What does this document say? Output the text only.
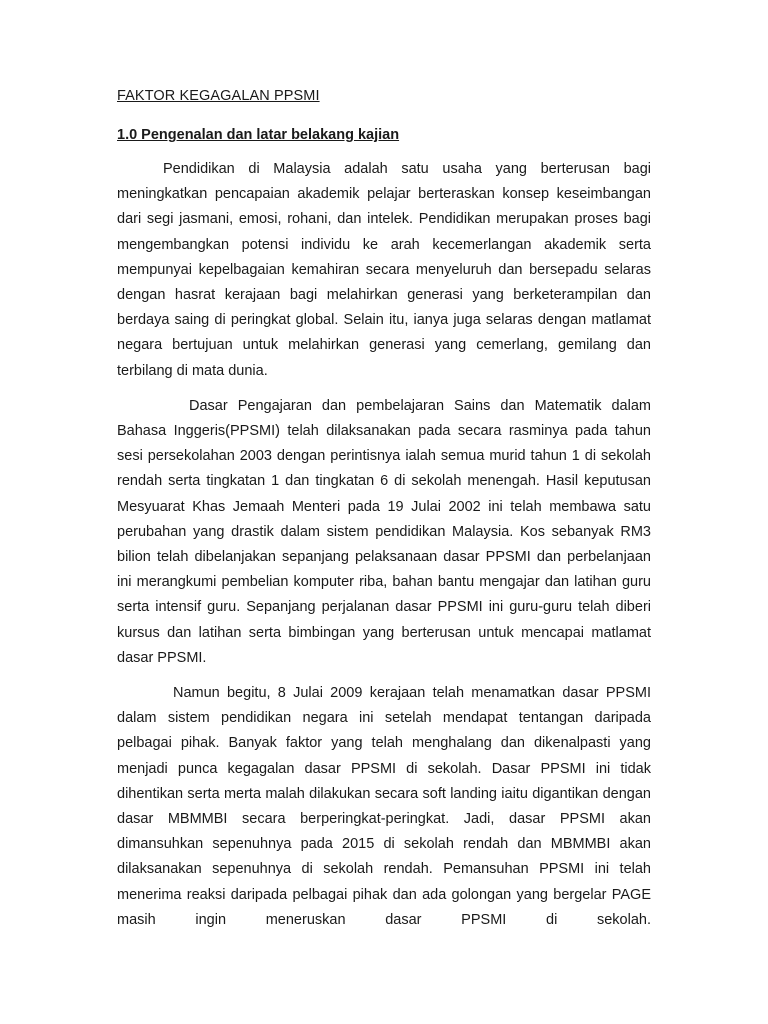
FAKTOR KEGAGALAN PPSMI
1.0 Pengenalan dan latar belakang kajian

Pendidikan di Malaysia adalah satu usaha yang berterusan bagi meningkatkan pencapaian akademik pelajar berteraskan konsep keseimbangan dari segi jasmani, emosi, rohani, dan intelek. Pendidikan merupakan proses bagi mengembangkan potensi individu ke arah kecemerlangan akademik serta mempunyai kepelbagaian kemahiran secara menyeluruh dan bersepadu selaras dengan hasrat kerajaan bagi melahirkan generasi yang berketerampilan dan berdaya saing di peringkat global. Selain itu, ianya juga selaras dengan matlamat negara bertujuan untuk melahirkan generasi yang cemerlang, gemilang dan terbilang di mata dunia.

Dasar Pengajaran dan pembelajaran Sains dan Matematik dalam Bahasa Inggeris(PPSMI) telah dilaksanakan pada secara rasminya pada tahun sesi persekolahan 2003 dengan perintisnya ialah semua murid tahun 1 di sekolah rendah serta tingkatan 1 dan tingkatan 6 di sekolah menengah. Hasil keputusan Mesyuarat Khas Jemaah Menteri pada 19 Julai 2002 ini telah membawa satu perubahan yang drastik dalam sistem pendidikan Malaysia. Kos sebanyak RM3 bilion telah dibelanjakan sepanjang pelaksanaan dasar PPSMI dan perbelanjaan ini merangkumi pembelian komputer riba, bahan bantu mengajar dan latihan guru serta intensif guru. Sepanjang perjalanan dasar PPSMI ini guru-guru telah diberi kursus dan latihan serta bimbingan yang berterusan untuk mencapai matlamat dasar PPSMI.

Namun begitu, 8 Julai 2009 kerajaan telah menamatkan dasar PPSMI dalam sistem pendidikan negara ini setelah mendapat tentangan daripada pelbagai pihak. Banyak faktor yang telah menghalang dan dikenalpasti yang menjadi punca kegagalan dasar PPSMI di sekolah. Dasar PPSMI ini tidak dihentikan serta merta malah dilakukan secara soft landing iaitu digantikan dengan dasar MBMMBI secara berperingkat-peringkat. Jadi, dasar PPSMI akan dimansuhkan sepenuhnya pada 2015 di sekolah rendah dan MBMMBI akan dilaksanakan sepenuhnya di sekolah rendah. Pemansuhan PPSMI ini telah menerima reaksi daripada pelbagai pihak dan ada golongan yang bergelar PAGE masih ingin meneruskan dasar PPSMI di sekolah.
